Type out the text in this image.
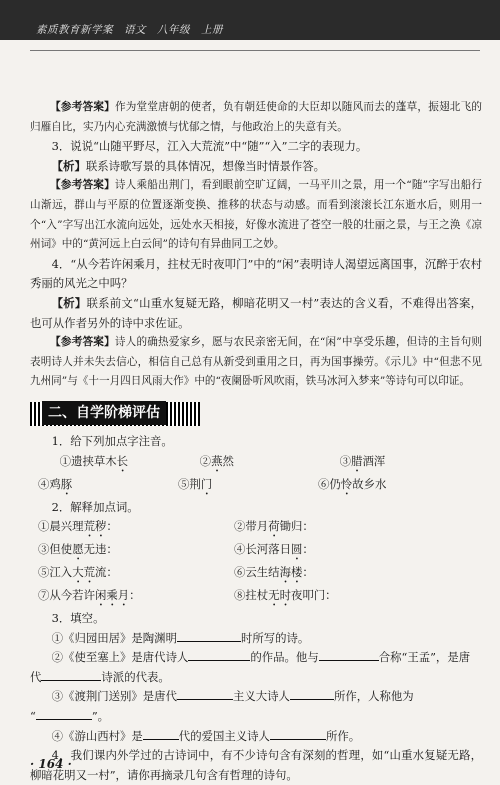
素质教育新学案　语文　八年级　上册

【参考答案】作为堂堂唐朝的使者，负有朝廷使命的大臣却以随风而去的蓬草，振翅北飞的归雁自比，实乃内心充满激愤与忧郁之情，与他政治上的失意有关。

3．说说“山随平野尽，江入大荒流”中“随”“入”二字的表现力。

【析】联系诗歌写景的具体情况，想像当时情景作答。

【参考答案】诗人乘船出荆门，看到眼前空旷辽阔，一马平川之景，用一个“随”字写出船行山渐远，群山与平原的位置逐渐变换、推移的状态与动感。而看到滚滚长江东逝水后，则用一个“入”字写出江水流向远处，远处水天相接，好像水流进了苍空一般的壮丽之景，与王之涣《凉州词》中的“黄河远上白云间”的诗句有异曲同工之妙。

4．“从今若许闲乘月，拄杖无时夜叩门”中的“闲”表明诗人渴望远离国事，沉醉于农村秀丽的风光之中吗？

【析】联系前文“山重水复疑无路，柳暗花明又一村”表达的含义看，不难得出答案，也可从作者另外的诗中求佐证。

【参考答案】诗人的确热爱家乡，愿与农民亲密无间，在“闲”中享受乐趣，但诗的主旨句则表明诗人并未失去信心，相信自己总有从新受到重用之日，再为国事操劳。《示儿》中“但悲不见九州同”与《十一月四日风雨大作》中的“夜阑卧听风吹雨，铁马冰河入梦来”等诗句可以印证。

二、自学阶梯评估

1．给下列加点字注音。

①遗挟草木长	②燕然	③腊酒浑
④鸡豚	⑤荆门	⑥仍怜故乡水

2．解释加点词。

①晨兴理荒秽：	②带月荷锄归：
③但使愿无违：	④长河落日圆：
⑤江入大荒流：	⑥云生结海楼：
⑦从今若许闲乘月：	⑧拄杖无时夜叩门：

3．填空。

①《归园田居》是陶渊明	时所写的诗。

②《使至塞上》是唐代诗人	的作品。他与	合称“王孟”，是唐

代	诗派的代表。

③《渡荆门送别》是唐代	主义大诗人	所作，人称他为

“	”。

④《游山西村》是	代的爱国主义诗人	所作。

4．我们课内外学过的古诗词中，有不少诗句含有深刻的哲理，如“山重水复疑无路，柳暗花明又一村”，请你再摘录几句含有哲理的诗句。

· 164 ·
